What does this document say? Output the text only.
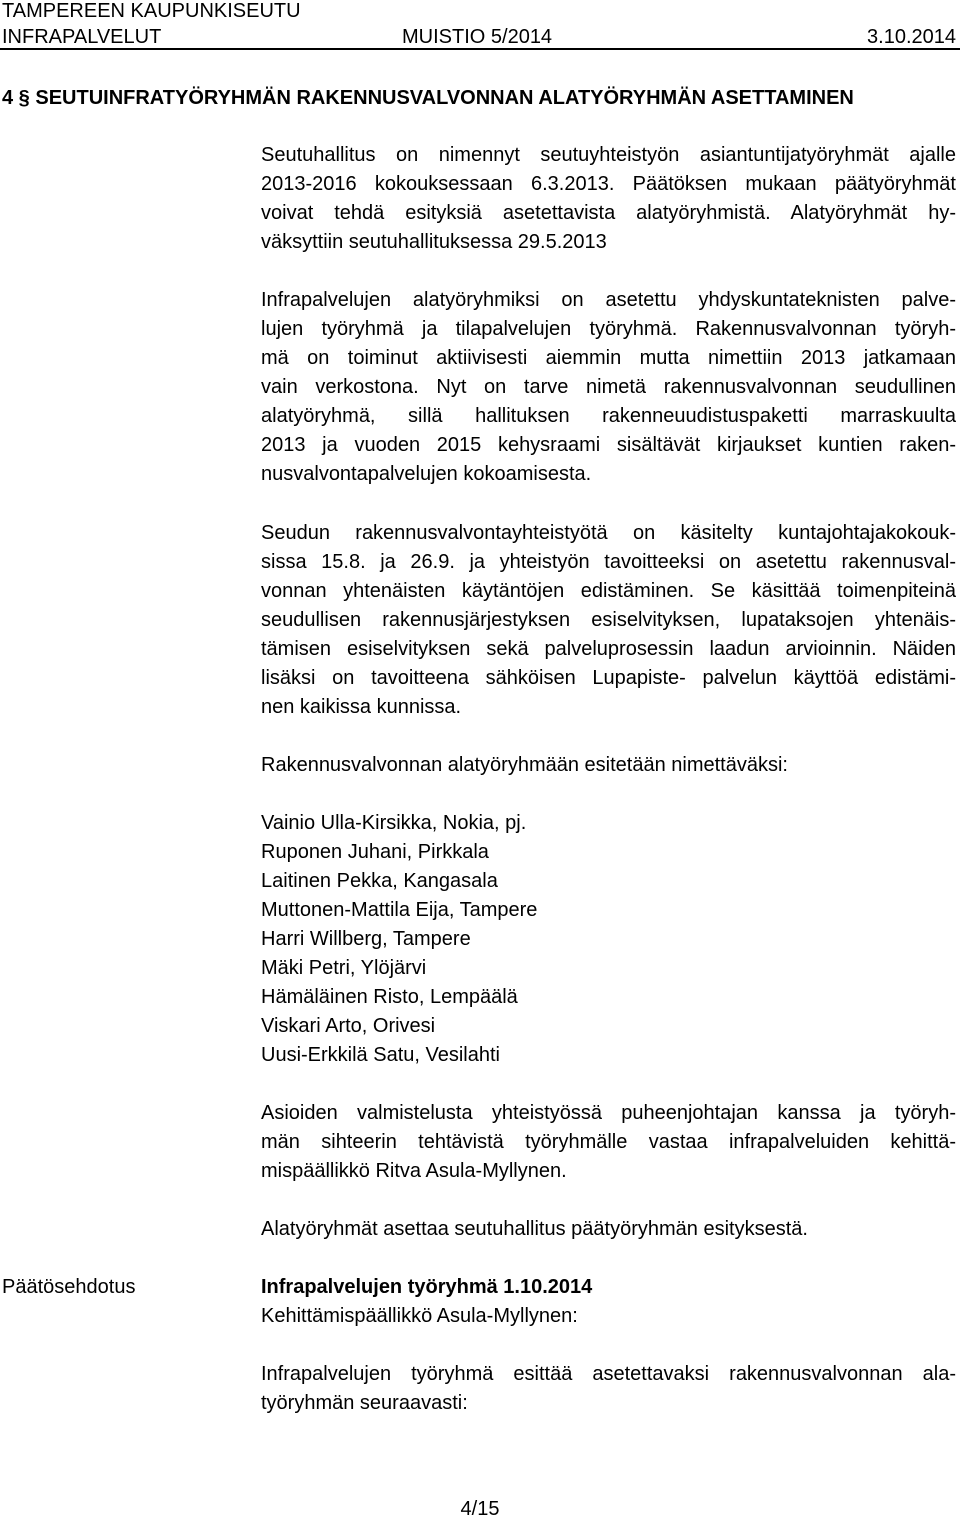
TAMPEREEN KAUPUNKISEUTU
INFRAPALVELUT	MUISTIO 5/2014	3.10.2014
4 § SEUTUINFRATYÖRYHMÄN RAKENNUSVALVONNAN ALATYÖRYHMÄN ASETTAMINEN
Seutuhallitus on nimennyt seutuyhteistyön asiantuntijatyöryhmät ajalle
2013-2016 kokouksessaan 6.3.2013. Päätöksen mukaan päätyöryhmät
voivat tehdä esityksiä asetettavista alatyöryhmistä. Alatyöryhmät hy-
väksyttiin seutuhallituksessa 29.5.2013
Infrapalvelujen alatyöryhmiksi on asetettu yhdyskuntateknisten palve-
lujen työryhmä ja tilapalvelujen työryhmä. Rakennusvalvonnan työryh-
mä on toiminut aktiivisesti aiemmin mutta nimettiin 2013 jatkamaan
vain verkostona. Nyt on tarve nimetä rakennusvalvonnan seudullinen
alatyöryhmä, sillä hallituksen rakenneuudistuspaketti marraskuulta
2013 ja vuoden 2015 kehysraami sisältävät kirjaukset kuntien raken-
nusvalvontapalvelujen kokoamisesta.
Seudun rakennusvalvontayhteistyötä on käsitelty kuntajohtajakokouk-
sissa 15.8. ja 26.9. ja yhteistyön tavoitteeksi on asetettu rakennusval-
vonnan yhtenäisten käytäntöjen edistäminen. Se käsittää toimenpiteinä
seudullisen rakennusjärjestyksen esiselvityksen, lupataksojen yhtenäis-
tämisen esiselvityksen sekä palveluprosessin laadun arvioinnin. Näiden
lisäksi on tavoitteena sähköisen Lupapiste- palvelun käyttöä edistämi-
nen kaikissa kunnissa.
Rakennusvalvonnan alatyöryhmään esitetään nimettäväksi:
Vainio Ulla-Kirsikka, Nokia, pj.
Ruponen Juhani, Pirkkala
Laitinen Pekka, Kangasala
Muttonen-Mattila Eija, Tampere
Harri Willberg, Tampere
Mäki Petri, Ylöjärvi
Hämäläinen Risto, Lempäälä
Viskari Arto, Orivesi
Uusi-Erkkilä Satu, Vesilahti
Asioiden valmistelusta yhteistyössä puheenjohtajan kanssa ja työryh-
män sihteerin tehtävistä työryhmälle vastaa infrapalveluiden kehittä-
mispäällikkö Ritva Asula-Myllynen.
Alatyöryhmät asettaa seutuhallitus päätyöryhmän esityksestä.
Päätösehdotus	Infrapalvelujen työryhmä 1.10.2014
Kehittämispäällikkö Asula-Myllynen:
Infrapalvelujen työryhmä esittää asetettavaksi rakennusvalvonnan ala-
työryhmän seuraavasti:
4/15
